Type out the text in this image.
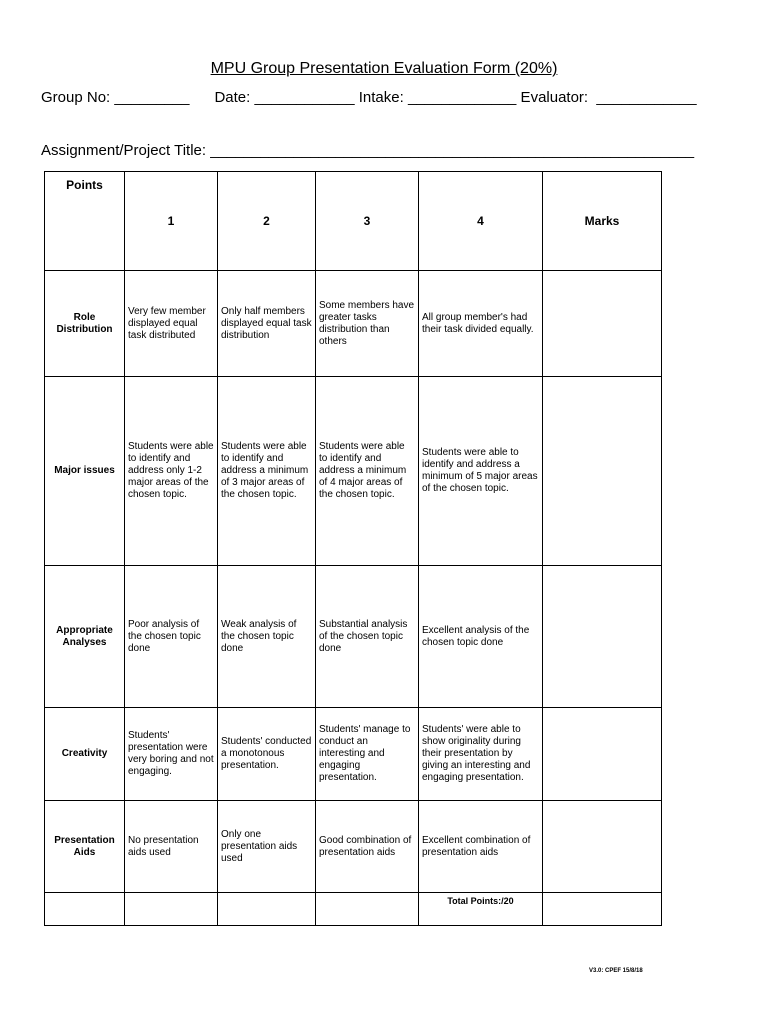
MPU Group Presentation Evaluation Form (20%)
Group No: _________      Date: ____________ Intake: _____________ Evaluator:  ____________
Assignment/Project Title: __________________________________________________________
Points	1	2	3	4	Marks
Role Distribution	Very few member displayed equal task distributed	Only half members displayed equal task distribution	Some members have greater tasks distribution than others	All group member's had their task divided equally.	
Major issues	Students were able to identify and address only 1-2 major areas of the chosen topic.	Students were able to identify and address a minimum of 3 major areas of the chosen topic.	Students were able to identify and address a minimum of 4 major areas of the chosen topic.	Students were able to identify and address a minimum of 5 major areas of the chosen topic.	
Appropriate Analyses	Poor analysis of the chosen topic done	Weak analysis of the chosen topic done	Substantial analysis of the chosen topic done	Excellent analysis of the chosen topic done	
Creativity	Students' presentation were very boring and not engaging.	Students' conducted a monotonous presentation.	Students' manage to conduct an interesting and engaging presentation.	Students' were able to show originality during their presentation by giving an interesting and engaging presentation.	
Presentation Aids	No presentation aids used	Only one presentation aids used	Good combination of presentation aids	Excellent combination of presentation aids	
				Total Points:/20	
V3.0: CPEF 15/8/18
